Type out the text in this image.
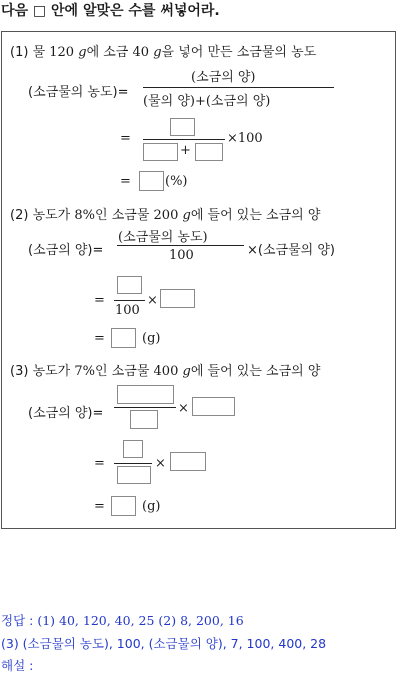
다음 □ 안에 알맞은 수를 써넣어라.
(1) 물 120 g에 소금 40 g을 넣어 만든 소금물의 농도
(소금물의 농도)=
(소금의 양)
(물의 양)+(소금의 양)
=
+
×100
=	(%)
(2) 농도가 8%인 소금물 200 g에 들어 있는 소금의 양
(소금의 양)=
(소금물의 농도)
100	×(소금물의 양)
=
100
×
=	(g)
(3) 농도가 7%인 소금물 400 g에 들어 있는 소금의 양
(소금의 양)=	×
=	×
=	(g)
정답 : (1) 40, 120, 40, 25 (2) 8, 200, 16
(3) (소금물의 농도), 100, (소금물의 양), 7, 100, 400, 28
해설 :
